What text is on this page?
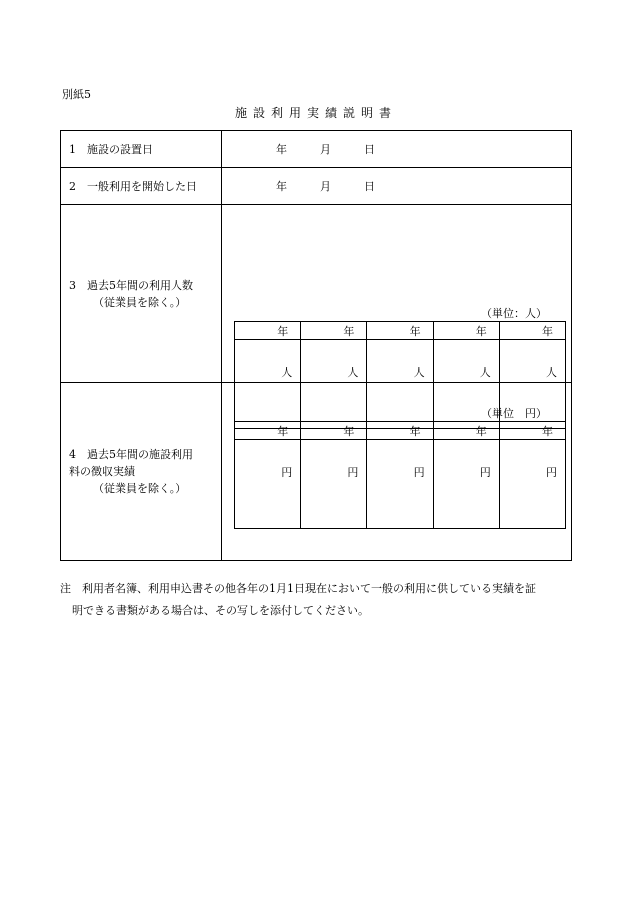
別紙5
施設利用実績説明書
1　施設の設置日	年	月	日
2　一般利用を開始した日	年	月	日
3　過去5年間の利用人数
（従業員を除く。）

（単位：人）
年	年	年	年	年
人	人	人	人	人

4　過去5年間の施設利用
料の徴収実績
（従業員を除く。）

（単位　円）
年	年	年	年	年
円	円	円	円	円
注　利用者名簿、利用申込書その他各年の1月1日現在において一般の利用に供している実績を証
明できる書類がある場合は、その写しを添付してください。
